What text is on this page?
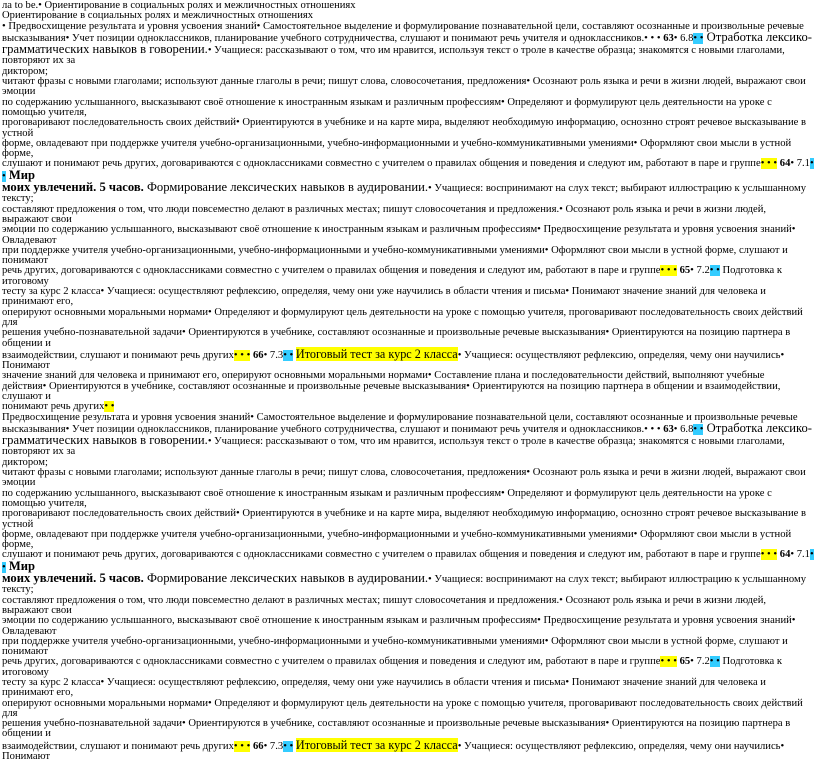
ла to be.• Ориентирование в социальных ролях и межличностных отношениях

Ориентирование в социальных ролях и межличностных отношениях

• Предвосхищение результата и уровня усвоения знаний• Самостоятельное выделение и формулирование познавательной цели, составляют осознанные и произвольные речевые

высказывания• Учет позиции одноклассников, планирование учебного сотрудничества, слушают и понимают речь учителя и одноклассников.• • • 63• 6.8• • Отработка лексико-

грамматических навыков в говорении.• Учащиеся: рассказывают о том, что им нравится, используя текст о троле в качестве образца; знакомятся с новыми глаголами, повторяют их за

диктором;

читают фразы с новыми глаголами; используют данные глаголы в речи; пишут слова, словосочетания, предложения• Осознают роль языка и речи в жизни людей, выражают свои эмоции

по содержанию услышанного, высказывают своё отношение к иностранным языкам и различным профессиям• Определяют и формулируют цель деятельности на уроке с помощью учителя,

проговаривают последовательность своих действий• Ориентируются в учебнике и на карте мира, выделяют необходимую информацию, оснознно строят речевое высказывание в устной

форме, овладевают при поддержке учителя учебно-организационными, учебно-информационными и учебно-коммуникативными умениями• Оформляют свои мысли в устной форме,

слушают и понимают речь других, договариваются с одноклассниками совместно с учителем о правилах общения и поведения и следуют им, работают в паре и группе• • • 64• 7.1• • Мир

моих увлечений. 5 часов. Формирование лексических навыков в аудировании.• Учащиеся: воспринимают на слух текст; выбирают иллюстрацию к услышанному тексту;

составляют предложения о том, что люди повсеместно делают в различных местах; пишут словосочетания и предложения.• Осознают роль языка и речи в жизни людей, выражают свои

эмоции по содержанию услышанного, высказывают своё отношение к иностранным языкам и различным профессиям• Предвосхищение результата и уровня усвоения знаний• Овладевают

при поддержке учителя учебно-организационными, учебно-информационными и учебно-коммуникативными умениями• Оформляют свои мысли в устной форме, слушают и понимают

речь других, договариваются с одноклассниками совместно с учителем о правилах общения и поведения и следуют им, работают в паре и группе• • • 65• 7.2• • Подготовка к итоговому

тесту за курс 2 класса• Учащиеся: осуществляют рефлексию, определяя, чему они уже научились в области чтения и письма• Понимают значение знаний для человека и принимают его,

оперируют основными моральными нормами• Определяют и формулируют цель деятельности на уроке с помощью учителя, проговаривают последовательность своих действий для

решения учебно-познавательной задачи• Ориентируются в учебнике, составляют осознанные и произвольные речевые высказывания• Ориентируются на позицию партнера в общении и

взаимодействии, слушают и понимают речь других• • • 66• 7.3• • Итоговый тест за курс 2 класса• Учащиеся: осуществляют рефлексию, определяя, чему они научились• Понимают

значение знаний для человека и принимают его, оперируют основными моральными нормами• Составление плана и последовательности действий, выполняют учебные

действия• Ориентируются в учебнике, составляют осознанные и произвольные речевые высказывания• Ориентируются на позицию партнера в общении и взаимодействии, слушают и

понимают речь других• •

Предвосхищение результата и уровня усвоения знаний• Самостоятельное выделение и формулирование познавательной цели, составляют осознанные и произвольные речевые

высказывания• Учет позиции одноклассников, планирование учебного сотрудничества, слушают и понимают речь учителя и одноклассников.• • • 63• 6.8• • Отработка лексико-

грамматических навыков в говорении.• Учащиеся: рассказывают о том, что им нравится, используя текст о троле в качестве образца; знакомятся с новыми глаголами, повторяют их за

диктором;

читают фразы с новыми глаголами; используют данные глаголы в речи; пишут слова, словосочетания, предложения• Осознают роль языка и речи в жизни людей, выражают свои эмоции

по содержанию услышанного, высказывают своё отношение к иностранным языкам и различным профессиям• Определяют и формулируют цель деятельности на уроке с помощью учителя,

проговаривают последовательность своих действий• Ориентируются в учебнике и на карте мира, выделяют необходимую информацию, оснознно строят речевое высказывание в устной

форме, овладевают при поддержке учителя учебно-организационными, учебно-информационными и учебно-коммуникативными умениями• Оформляют свои мысли в устной форме,

слушают и понимают речь других, договариваются с одноклассниками совместно с учителем о правилах общения и поведения и следуют им, работают в паре и группе• • • 64• 7.1• • Мир

моих увлечений. 5 часов. Формирование лексических навыков в аудировании.• Учащиеся: воспринимают на слух текст; выбирают иллюстрацию к услышанному тексту;

составляют предложения о том, что люди повсеместно делают в различных местах; пишут словосочетания и предложения.• Осознают роль языка и речи в жизни людей, выражают свои

эмоции по содержанию услышанного, высказывают своё отношение к иностранным языкам и различным профессиям• Предвосхищение результата и уровня усвоения знаний• Овладевают

при поддержке учителя учебно-организационными, учебно-информационными и учебно-коммуникативными умениями• Оформляют свои мысли в устной форме, слушают и понимают

речь других, договариваются с одноклассниками совместно с учителем о правилах общения и поведения и следуют им, работают в паре и группе• • • 65• 7.2• • Подготовка к итоговому

тесту за курс 2 класса• Учащиеся: осуществляют рефлексию, определяя, чему они уже научились в области чтения и письма• Понимают значение знаний для человека и принимают его,

оперируют основными моральными нормами• Определяют и формулируют цель деятельности на уроке с помощью учителя, проговаривают последовательность своих действий для

решения учебно-познавательной задачи• Ориентируются в учебнике, составляют осознанные и произвольные речевые высказывания• Ориентируются на позицию партнера в общении и

взаимодействии, слушают и понимают речь других• • • 66• 7.3• • Итоговый тест за курс 2 класса• Учащиеся: осуществляют рефлексию, определяя, чему они научились• Понимают
